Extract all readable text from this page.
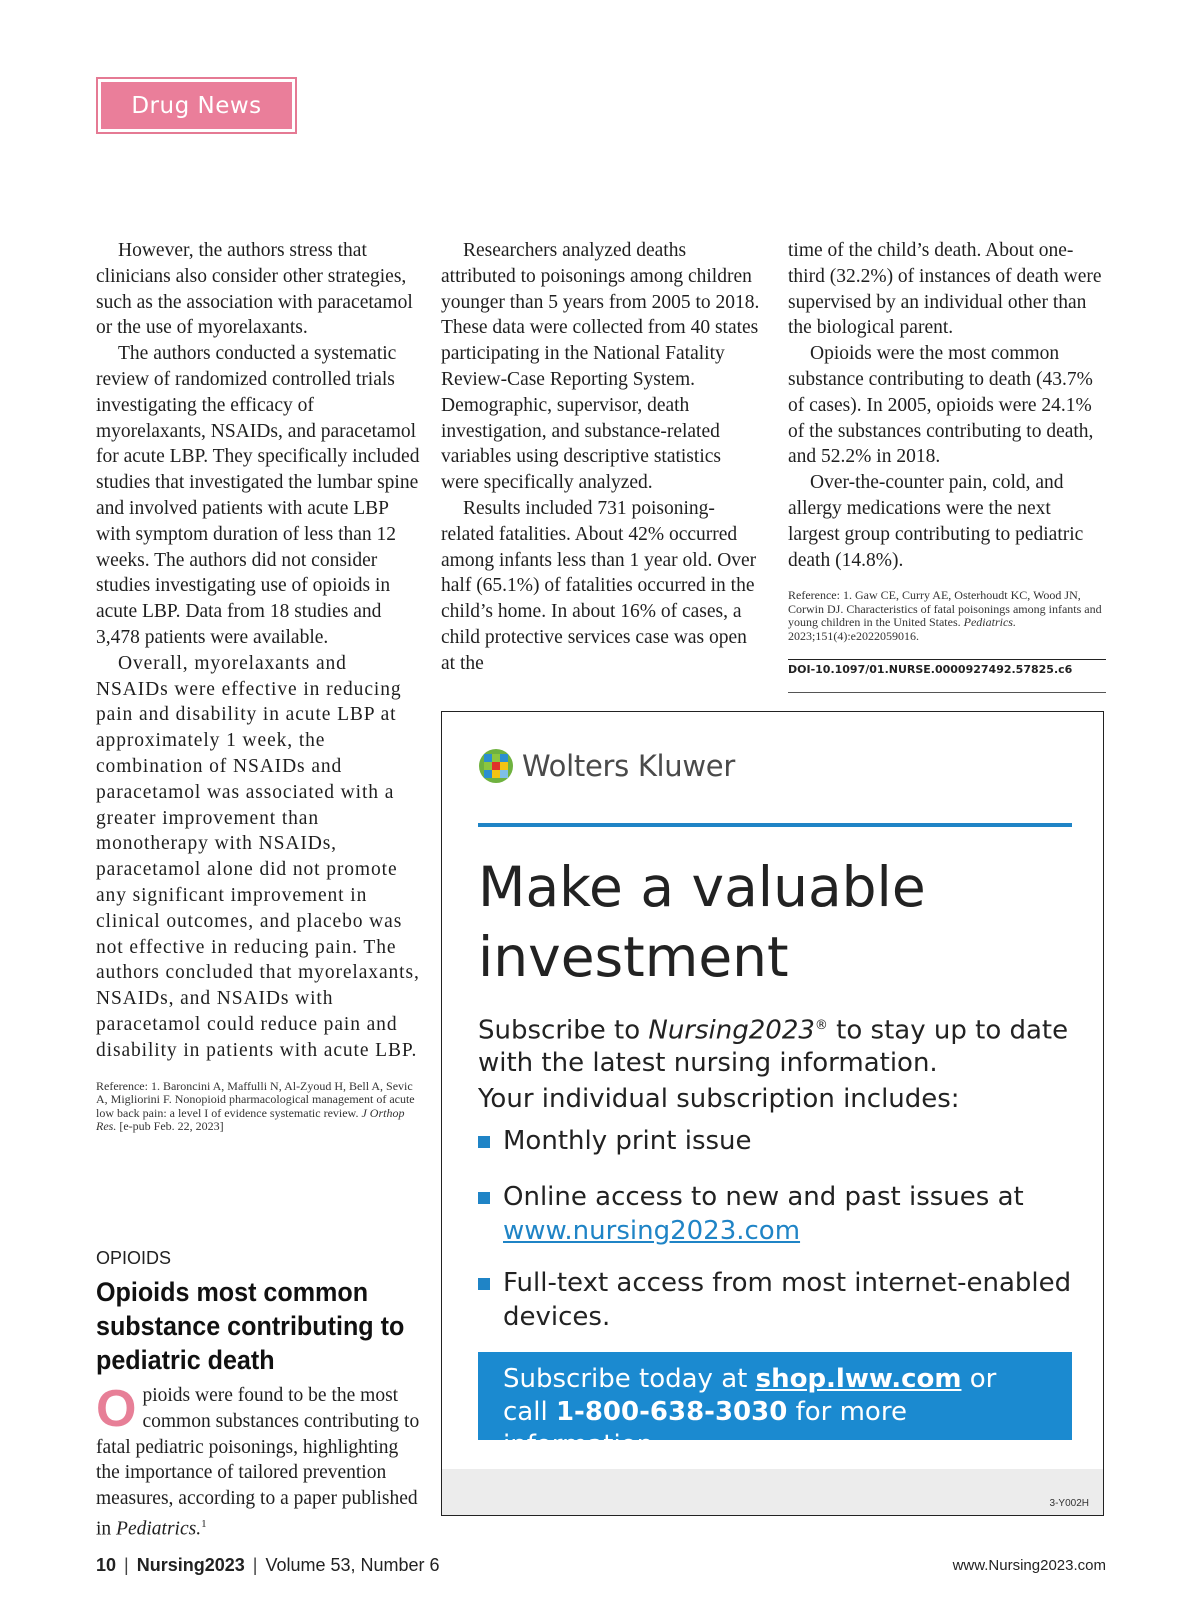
Drug News

However, the authors stress that clinicians also consider other strategies, such as the association with paracetamol or the use of myorelaxants.

The authors conducted a systematic review of randomized controlled trials investigating the efficacy of myorelaxants, NSAIDs, and paracetamol for acute LBP. They specifically included studies that investigated the lumbar spine and involved patients with acute LBP with symptom duration of less than 12 weeks. The authors did not consider studies investigating use of opioids in acute LBP. Data from 18 studies and 3,478 patients were available.

Overall, myorelaxants and NSAIDs were effective in reducing pain and disability in acute LBP at approximately 1 week, the combination of NSAIDs and paracetamol was associated with a greater improvement than monotherapy with NSAIDs, paracetamol alone did not promote any significant improvement in clinical outcomes, and placebo was not effective in reducing pain. The authors concluded that myorelaxants, NSAIDs, and NSAIDs with paracetamol could reduce pain and disability in patients with acute LBP.

Reference: 1. Baroncini A, Maffulli N, Al-Zyoud H, Bell A, Sevic A, Migliorini F. Nonopioid pharmacological management of acute low back pain: a level I of evidence systematic review. J Orthop Res. [e-pub Feb. 22, 2023]

OPIOIDS
Opioids most common substance contributing to pediatric death

Opioids were found to be the most common substances contributing to fatal pediatric poisonings, highlighting the importance of tailored prevention measures, according to a paper published in Pediatrics.$^1$

Researchers analyzed deaths attributed to poisonings among children younger than 5 years from 2005 to 2018. These data were collected from 40 states participating in the National Fatality Review-Case Reporting System. Demographic, supervisor, death investigation, and substance-related variables using descriptive statistics were specifically analyzed.

Results included 731 poisoning-related fatalities. About 42% occurred among infants less than 1 year old. Over half (65.1%) of fatalities occurred in the child’s home. In about 16% of cases, a child protective services case was open at the

time of the child’s death. About one-third (32.2%) of instances of death were supervised by an individual other than the biological parent.

Opioids were the most common substance contributing to death (43.7% of cases). In 2005, opioids were 24.1% of the substances contributing to death, and 52.2% in 2018.

Over-the-counter pain, cold, and allergy medications were the next largest group contributing to pediatric death (14.8%).

Reference: 1. Gaw CE, Curry AE, Osterhoudt KC, Wood JN, Corwin DJ. Characteristics of fatal poisonings among infants and young children in the United States. Pediatrics. 2023;151(4):e2022059016.

DOI-10.1097/01.NURSE.0000927492.57825.c6
Wolters Kluwer
Make a valuable investment
Subscribe to Nursing2023® to stay up to date with the latest nursing information.
Your individual subscription includes:
Monthly print issue
Online access to new and past issues at
www.nursing2023.com
Full-text access from most internet-enabled devices.
Subscribe today at shop.lww.com or
call 1-800-638-3030 for more information.
3-Y002H
10 | Nursing2023 | Volume 53, Number 6	www.Nursing2023.com
